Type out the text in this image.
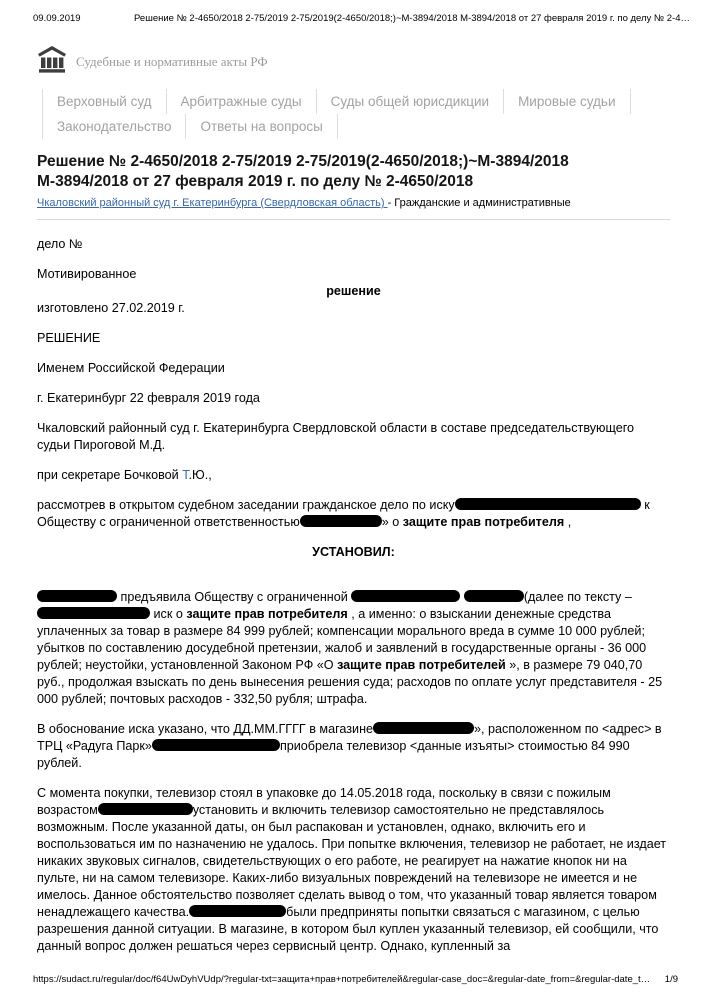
09.09.2019	Решение № 2-4650/2018 2-75/2019 2-75/2019(2-4650/2018;)~М-3894/2018 М-3894/2018 от 27 февраля 2019 г. по делу № 2-4…
Судебные и нормативные акты РФ
Верховный суд	Арбитражные суды	Суды общей юрисдикции	Мировые судьи
Законодательство	Ответы на вопросы
Решение № 2-4650/2018 2-75/2019 2-75/2019(2-4650/2018;)~М-3894/2018
М-3894/2018 от 27 февраля 2019 г. по делу № 2-4650/2018
Чкаловский районный суд г. Екатеринбурга (Свердловская область) - Гражданские и административные

дело №

Мотивированное

решение

изготовлено 27.02.2019 г.

РЕШЕНИЕ

Именем Российской Федерации

г. Екатеринбург 22 февраля 2019 года

Чкаловский районный суд г. Екатеринбурга Свердловской области в составе председательствующего судьи Пироговой М.Д.

при секретаре Бочковой Т.Ю.,

рассмотрев в открытом судебном заседании гражданское дело по иску	к Обществу с ограниченной ответственностью	» о защите прав потребителя ,

УСТАНОВИЛ:

предъявила Обществу с ограниченной	(далее по тексту –  иск о защите прав потребителя , а именно: о взыскании денежные средства уплаченных за товар в размере 84 999 рублей; компенсации морального вреда в сумме 10 000 рублей; убытков по составлению досудебной претензии, жалоб и заявлений в государственные органы - 36 000 рублей; неустойки, установленной Законом РФ «О защите прав потребителей », в размере 79 040,70 руб., продолжая взыскать по день вынесения решения суда; расходов по оплате услуг представителя - 25 000 рублей; почтовых расходов - 332,50 рубля; штрафа.

В обоснование иска указано, что ДД.ММ.ГГГГ в магазине	», расположенном по <адрес> в ТРЦ «Радуга Парк»	приобрела телевизор <данные изъяты> стоимостью 84 990 рублей.

С момента покупки, телевизор стоял в упаковке до 14.05.2018 года, поскольку в связи с пожилым возрастом	установить и включить телевизор самостоятельно не представлялось возможным. После указанной даты, он был распакован и установлен, однако, включить его и воспользоваться им по назначению не удалось. При попытке включения, телевизор не работает, не издает никаких звуковых сигналов, свидетельствующих о его работе, не реагирует на нажатие кнопок ни на пульте, ни на самом телевизоре. Каких-либо визуальных повреждений на телевизоре не имеется и не имелось. Данное обстоятельство позволяет сделать вывод о том, что указанный товар является товаром ненадлежащего качества.	были предприняты попытки связаться с магазином, с целью разрешения данной ситуации. В магазине, в котором был куплен указанный телевизор, ей сообщили, что данный вопрос должен решаться через сервисный центр. Однако, купленный за

https://sudact.ru/regular/doc/f64UwDyhVUdp/?regular-txt=защита+прав+потребителей&regular-case_doc=&regular-date_from=&regular-date_t… 1/9
